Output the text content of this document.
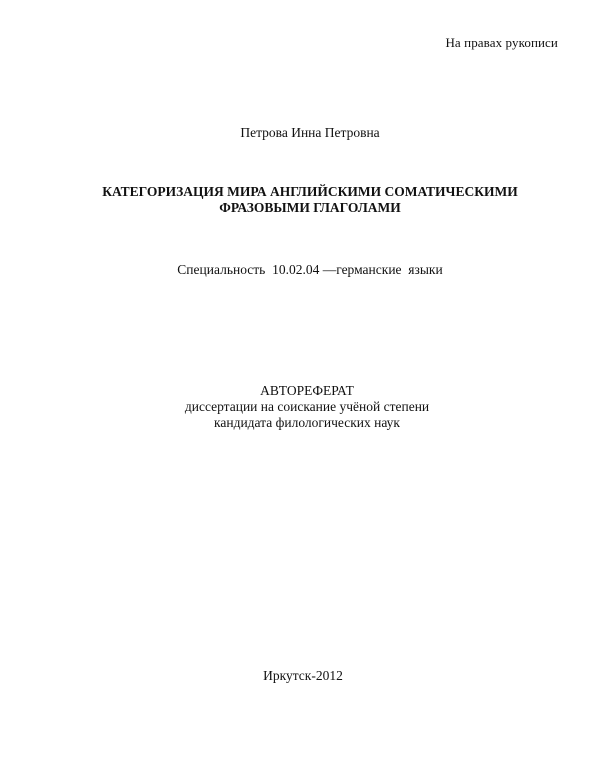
На правах рукописи
Петрова Инна Петровна
КАТЕГОРИЗАЦИЯ МИРА АНГЛИЙСКИМИ СОМАТИЧЕСКИМИ
ФРАЗОВЫМИ ГЛАГОЛАМИ
Специальность  10.02.04 —германские  языки
АВТОРЕФЕРАТ
диссертации на соискание учёной степени
кандидата филологических наук
Иркутск-2012
